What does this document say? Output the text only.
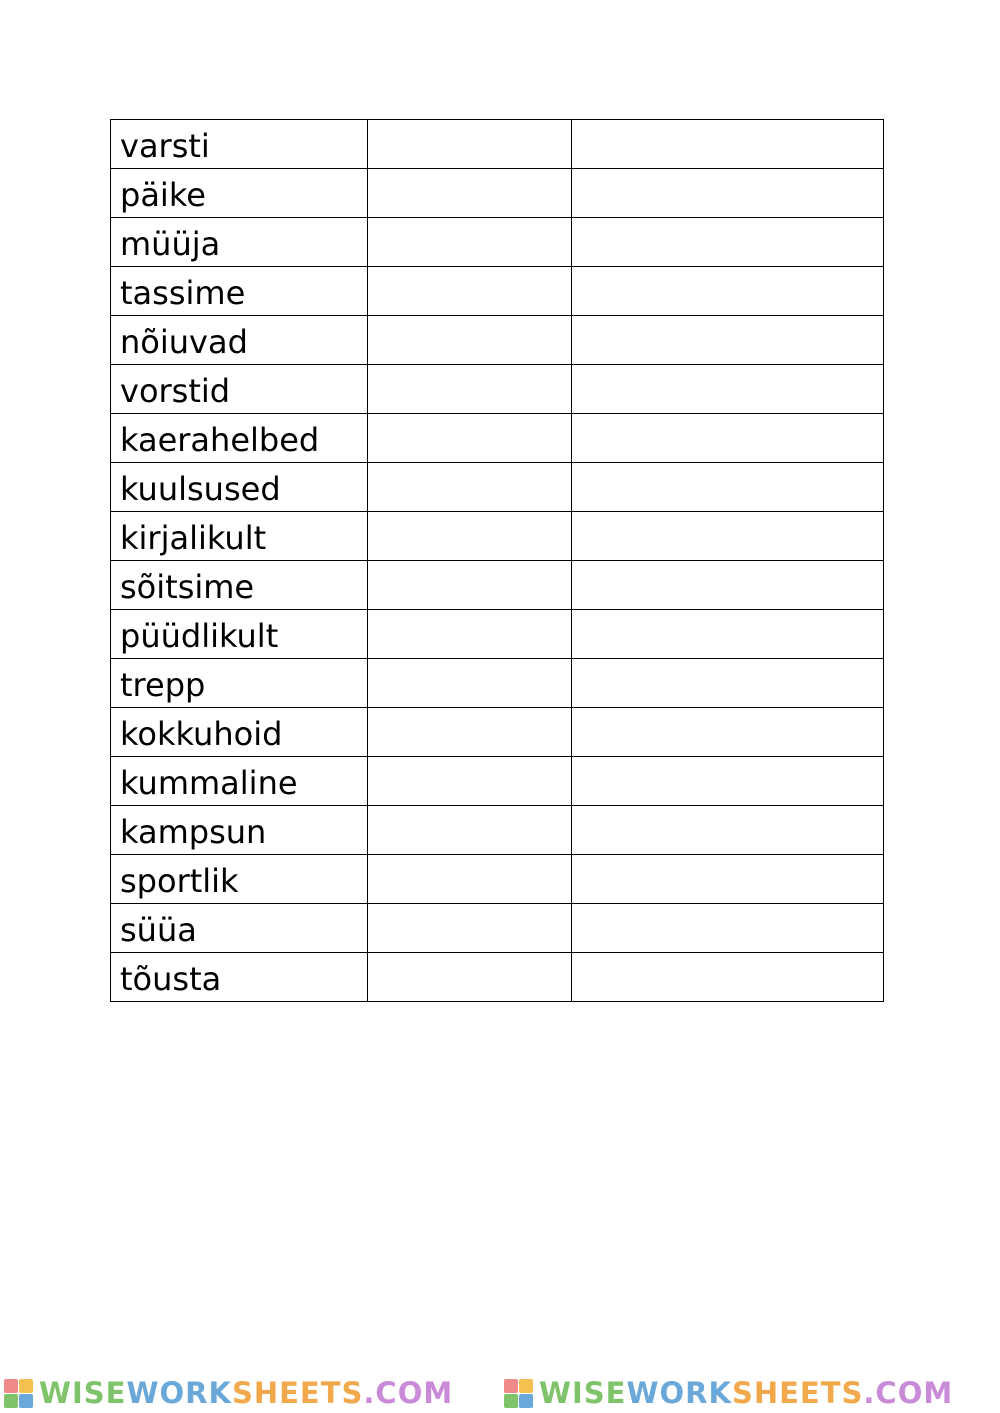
varsti		
päike		
müüja		
tassime		
nõiuvad		
vorstid		
kaerahelbed		
kuulsused		
kirjalikult		
sõitsime		
püüdlikult		
trepp		
kokkuhoid		
kummaline		
kampsun		
sportlik		
süüa		
tõusta		
WISEWORKSHEETS.COM	WISEWORKSHEETS.COM
